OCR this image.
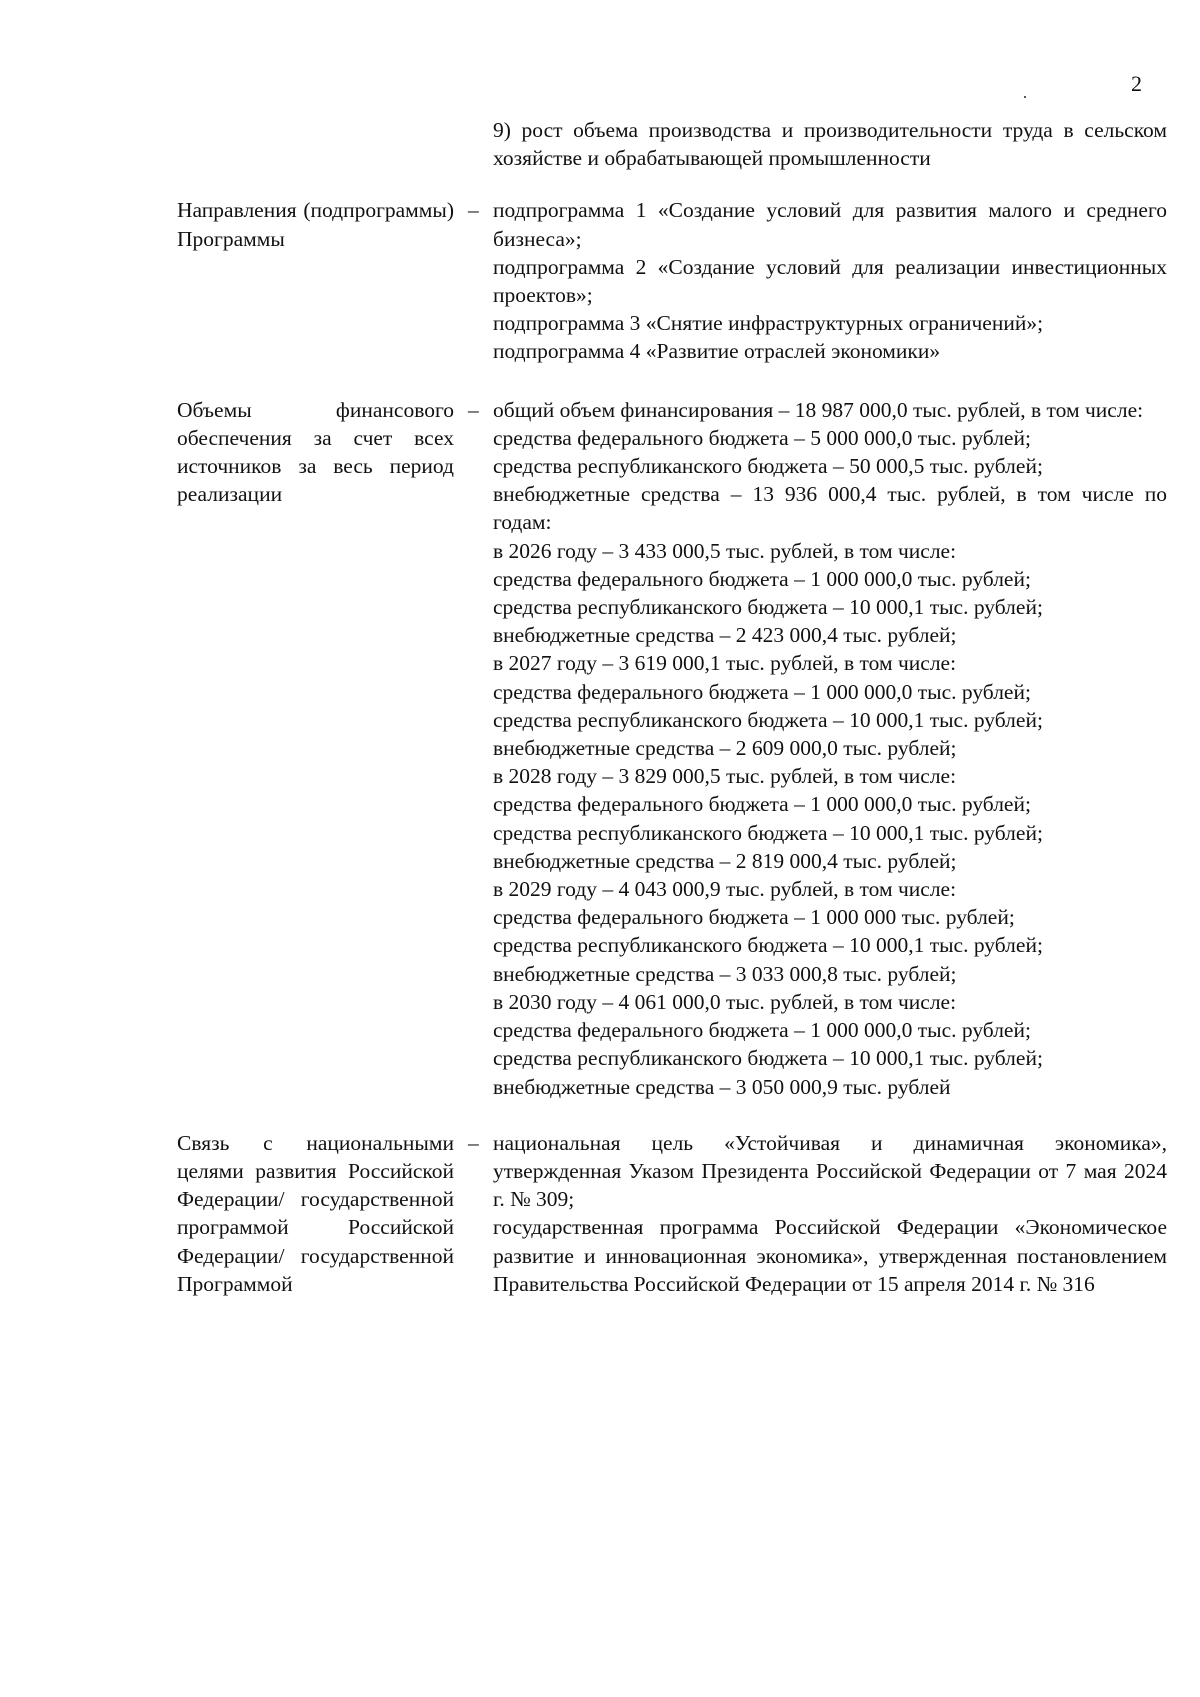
2

9) рост объема производства и производительности труда в сельском хозяйстве и обрабатывающей промышленности

Направления (подпрограммы) Программы
– подпрограмма 1 «Создание условий для развития малого и среднего бизнеса»;

подпрограмма 2 «Создание условий для реализации инвестиционных проектов»;

подпрограмма 3 «Снятие инфраструктурных ограничений»;

подпрограмма 4 «Развитие отраслей экономики»

Объемы финансового обеспечения за счет всех источников за весь период реализации
– общий объем финансирования – 18 987 000,0 тыс. рублей, в том числе:

средства федерального бюджета – 5 000 000,0 тыс. рублей;

средства республиканского бюджета – 50 000,5 тыс. рублей;

внебюджетные средства – 13 936 000,4 тыс. рублей, в том числе по годам:

в 2026 году – 3 433 000,5 тыс. рублей, в том числе:

средства федерального бюджета – 1 000 000,0 тыс. рублей;

средства республиканского бюджета – 10 000,1 тыс. рублей;

внебюджетные средства – 2 423 000,4 тыс. рублей;

в 2027 году – 3 619 000,1 тыс. рублей, в том числе:

средства федерального бюджета – 1 000 000,0 тыс. рублей;

средства республиканского бюджета – 10 000,1 тыс. рублей;

внебюджетные средства – 2 609 000,0 тыс. рублей;

в 2028 году – 3 829 000,5 тыс. рублей, в том числе:

средства федерального бюджета – 1 000 000,0 тыс. рублей;

средства республиканского бюджета – 10 000,1 тыс. рублей;

внебюджетные средства – 2 819 000,4 тыс. рублей;

в 2029 году – 4 043 000,9 тыс. рублей, в том числе:

средства федерального бюджета – 1 000 000 тыс. рублей;

средства республиканского бюджета – 10 000,1 тыс. рублей;

внебюджетные средства – 3 033 000,8 тыс. рублей;

в 2030 году – 4 061 000,0 тыс. рублей, в том числе:

средства федерального бюджета – 1 000 000,0 тыс. рублей;

средства республиканского бюджета – 10 000,1 тыс. рублей;

внебюджетные средства – 3 050 000,9 тыс. рублей

Связь с национальными целями развития Российской Федерации/ государственной программой Российской Федерации/ государственной Программой
– национальная цель «Устойчивая и динамичная экономика», утвержденная Указом Президента Российской Федерации от 7 мая 2024 г. № 309;

государственная программа Российской Федерации «Экономическое развитие и инновационная экономика», утвержденная постановлением Правительства Российской Федерации от 15 апреля 2014 г. № 316
